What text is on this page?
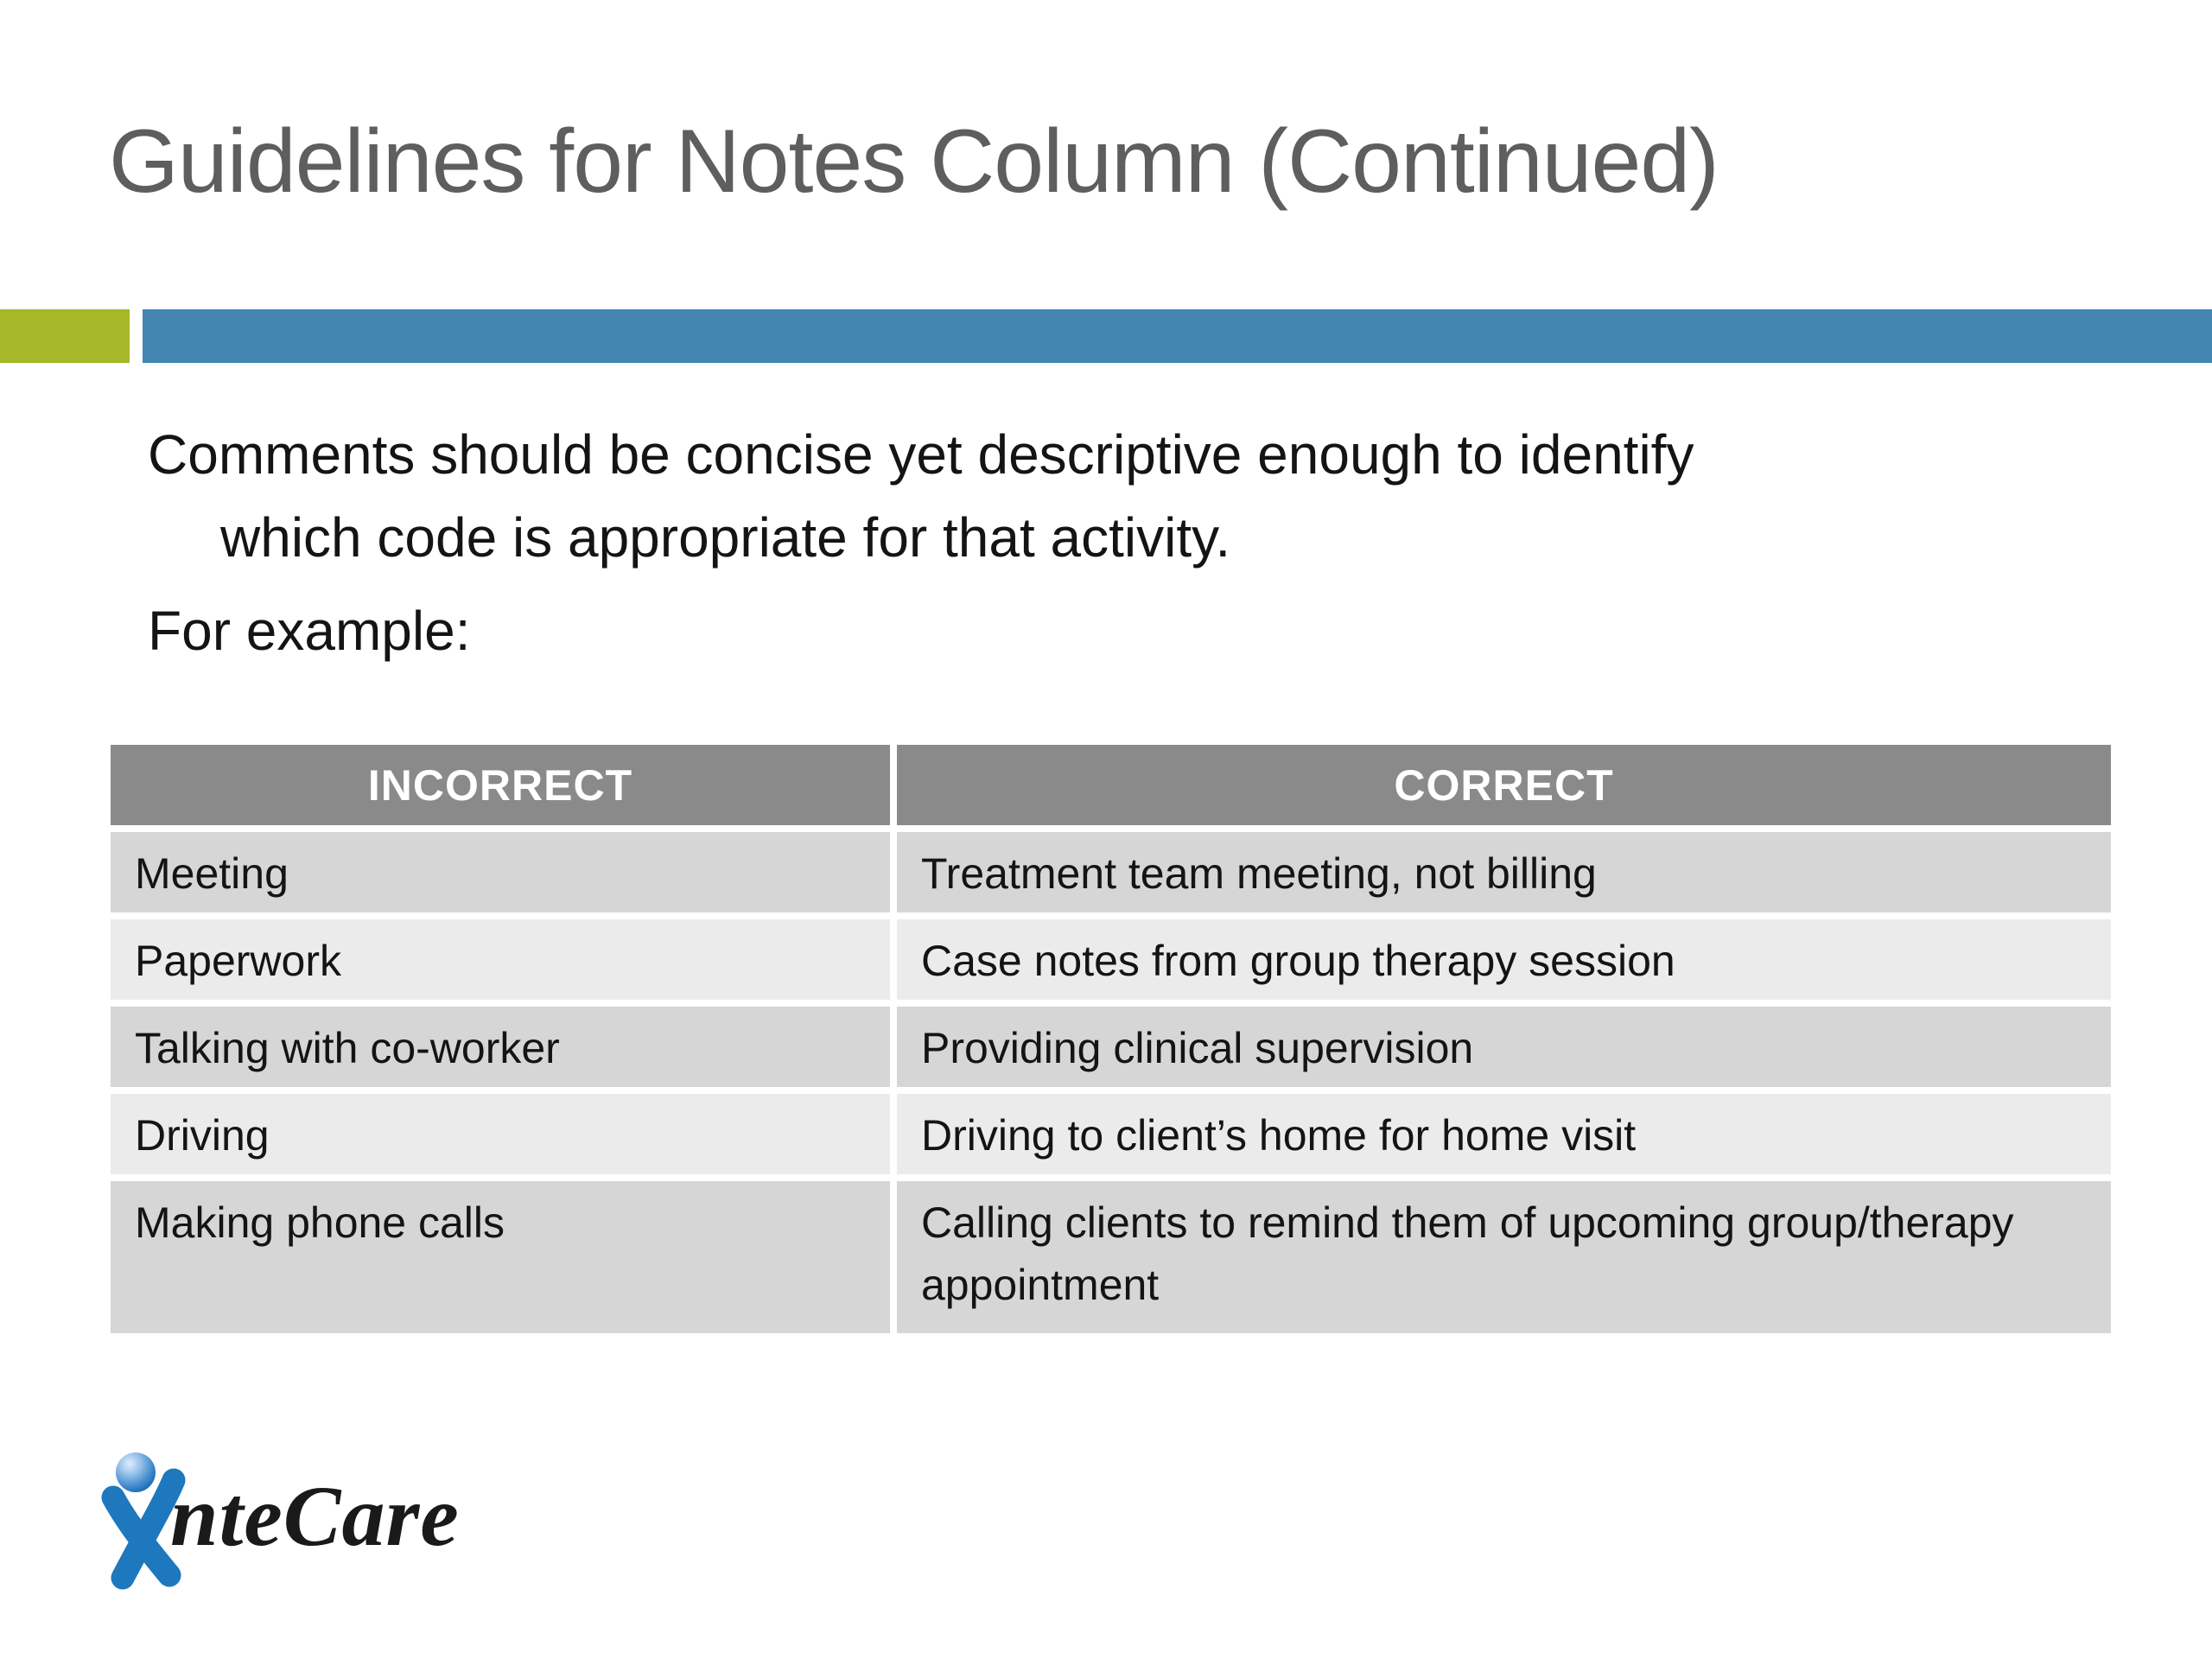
Guidelines for Notes Column (Continued)
Comments should be concise yet descriptive enough to identify
which code is appropriate for that activity.
For example:
INCORRECT	CORRECT
Meeting	Treatment team meeting, not billing
Paperwork	Case notes from group therapy session
Talking with co-worker	Providing clinical supervision
Driving	Driving to client’s home for home visit
Making phone calls	Calling clients to remind them of upcoming group/therapy appointment
nteCare
